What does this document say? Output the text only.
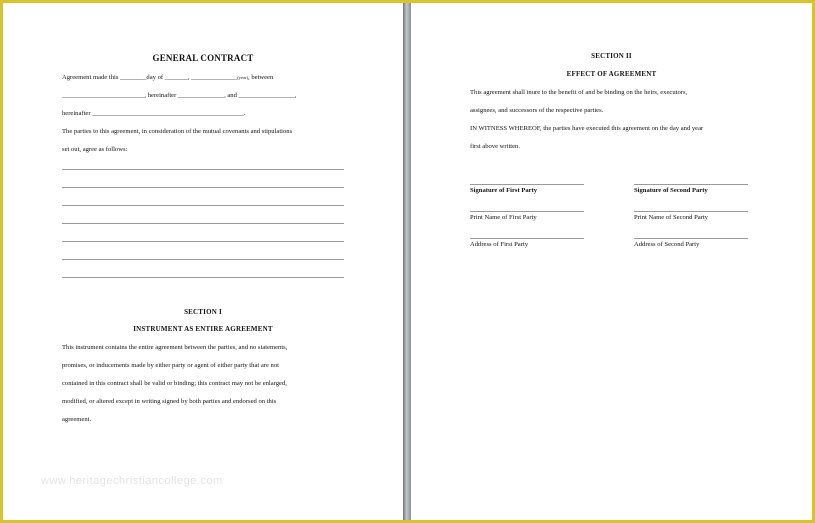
GENERAL CONTRACT
Agreement made this ________day of _______, ______________(year), between
_________________________, hereinafter ______________, and _________________,
hereinafter ______________________________________________.
The parties to this agreement, in consideration of the mutual covenants and stipulations
set out, agree as follows:
SECTION I
INSTRUMENT AS ENTIRE AGREEMENT
This instrument contains the entire agreement between the parties, and no statements,
promises, or inducements made by either party or agent of either party that are not
contained in this contract shall be valid or binding; this contract may not be enlarged,
modified, or altered except in writing signed by both parties and endorsed on this
agreement.
www.heritagechristiancollege.com
SECTION II
EFFECT OF AGREEMENT
This agreement shall inure to the benefit of and be binding on the heirs, executors,
assignees, and successors of the respective parties.
IN WITNESS WHEREOF, the parties have executed this agreement on the day and year
first above written.
Signature of First Party	Signature of Second Party
Print Name of First Party	Print Name of Second Party
Address of First Party	Address of Second Party
